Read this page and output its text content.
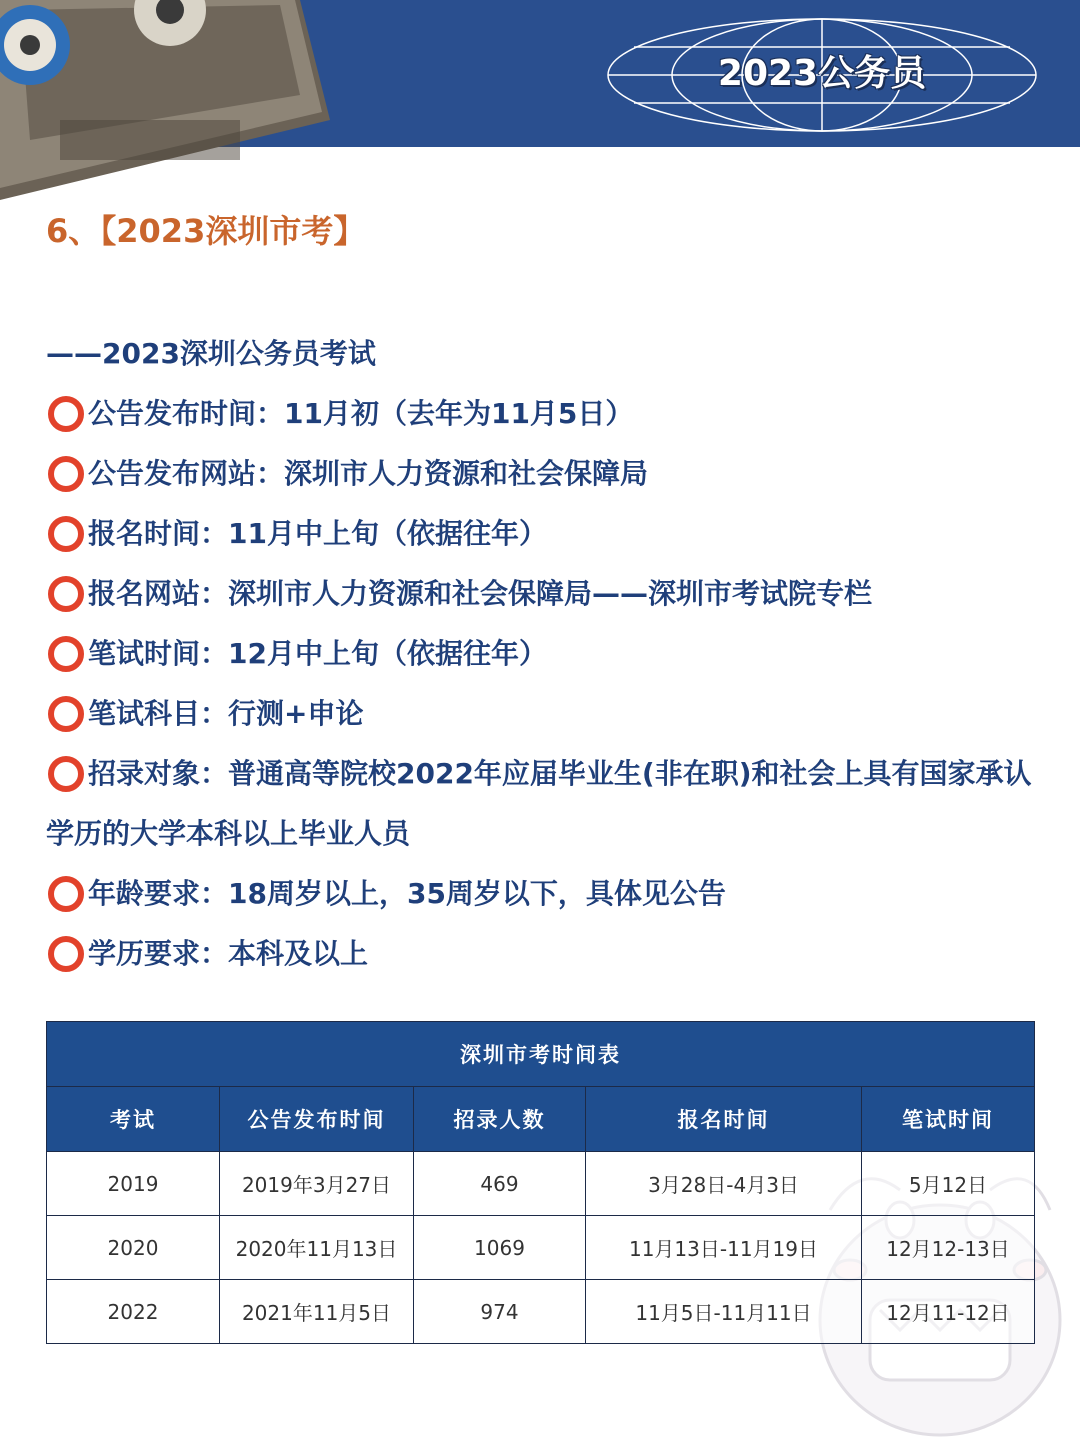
2023公务员
6、【2023深圳市考】
——2023深圳公务员考试
公告发布时间：11月初（去年为11月5日）
公告发布网站：深圳市人力资源和社会保障局
报名时间：11月中上旬（依据往年）
报名网站：深圳市人力资源和社会保障局——深圳市考试院专栏
笔试时间：12月中上旬（依据往年）
笔试科目：行测+申论
招录对象：普通高等院校2022年应届毕业生(非在职)和社会上具有国家承认学历的大学本科以上毕业人员
年龄要求：18周岁以上，35周岁以下，具体见公告
学历要求：本科及以上
深圳市考时间表				
考试	公告发布时间	招录人数	报名时间	笔试时间
2019	2019年3月27日	469	3月28日-4月3日	5月12日
2020	2020年11月13日	1069	11月13日-11月19日	12月12-13日
2022	2021年11月5日	974	11月5日-11月11日	12月11-12日
